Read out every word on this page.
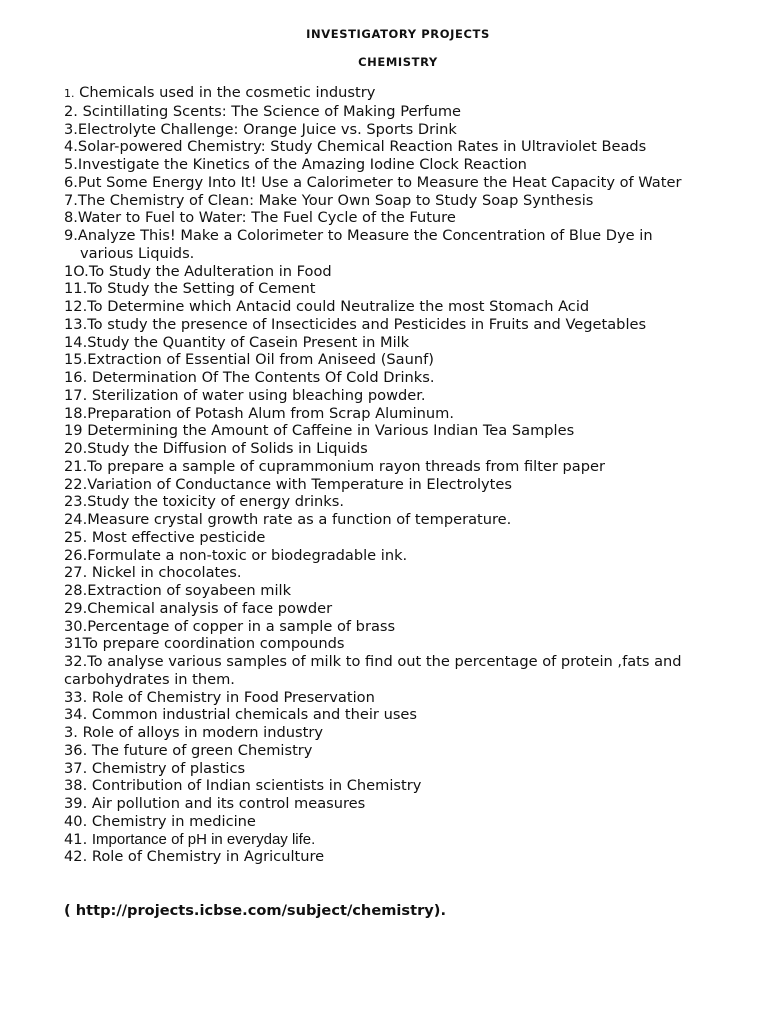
INVESTIGATORY PROJECTS
CHEMISTRY
1. Chemicals used in the cosmetic industry
2. Scintillating Scents: The Science of Making Perfume
3.Electrolyte Challenge: Orange Juice vs. Sports Drink
4.Solar-powered Chemistry: Study Chemical Reaction Rates in Ultraviolet Beads
5.Investigate the Kinetics of the Amazing Iodine Clock Reaction
6.Put Some Energy Into It! Use a Calorimeter to Measure the Heat Capacity of Water
7.The Chemistry of Clean: Make Your Own Soap to Study Soap Synthesis
8.Water to Fuel to Water: The Fuel Cycle of the Future
9.Analyze This! Make a Colorimeter to Measure the Concentration of Blue Dye in
various Liquids.
1O.To Study the Adulteration in Food
11.To Study the Setting of Cement
12.To Determine which Antacid could Neutralize the most Stomach Acid
13.To study the presence of Insecticides and Pesticides in Fruits and Vegetables
14.Study the Quantity of Casein Present in Milk
15.Extraction of Essential Oil from Aniseed (Saunf)
16. Determination Of The Contents Of Cold Drinks.
17. Sterilization of water using bleaching powder.
18.Preparation of Potash Alum from Scrap Aluminum.
19 Determining the Amount of Caffeine in Various Indian Tea Samples
20.Study the Diffusion of Solids in Liquids
21.To prepare a sample of cuprammonium rayon threads from filter paper
22.Variation of Conductance with Temperature in Electrolytes
23.Study the toxicity of energy drinks.
24.Measure crystal growth rate as a function of temperature.
25. Most effective pesticide
26.Formulate a non-toxic or biodegradable ink.
27. Nickel in chocolates.
28.Extraction of soyabeen milk
29.Chemical analysis of face powder
30.Percentage of copper in a sample of brass
31To prepare coordination compounds
32.To analyse various samples of milk to find out the percentage of protein ,fats and
carbohydrates in them.
33. Role of Chemistry in Food Preservation
34. Common industrial chemicals and their uses
3. Role of alloys in modern industry
36. The future of green Chemistry
37. Chemistry of plastics
38. Contribution of Indian scientists in Chemistry
39. Air pollution and its control measures
40. Chemistry in medicine
41. Importance of pH in everyday life.
42. Role of Chemistry in Agriculture
( http://projects.icbse.com/subject/chemistry).
